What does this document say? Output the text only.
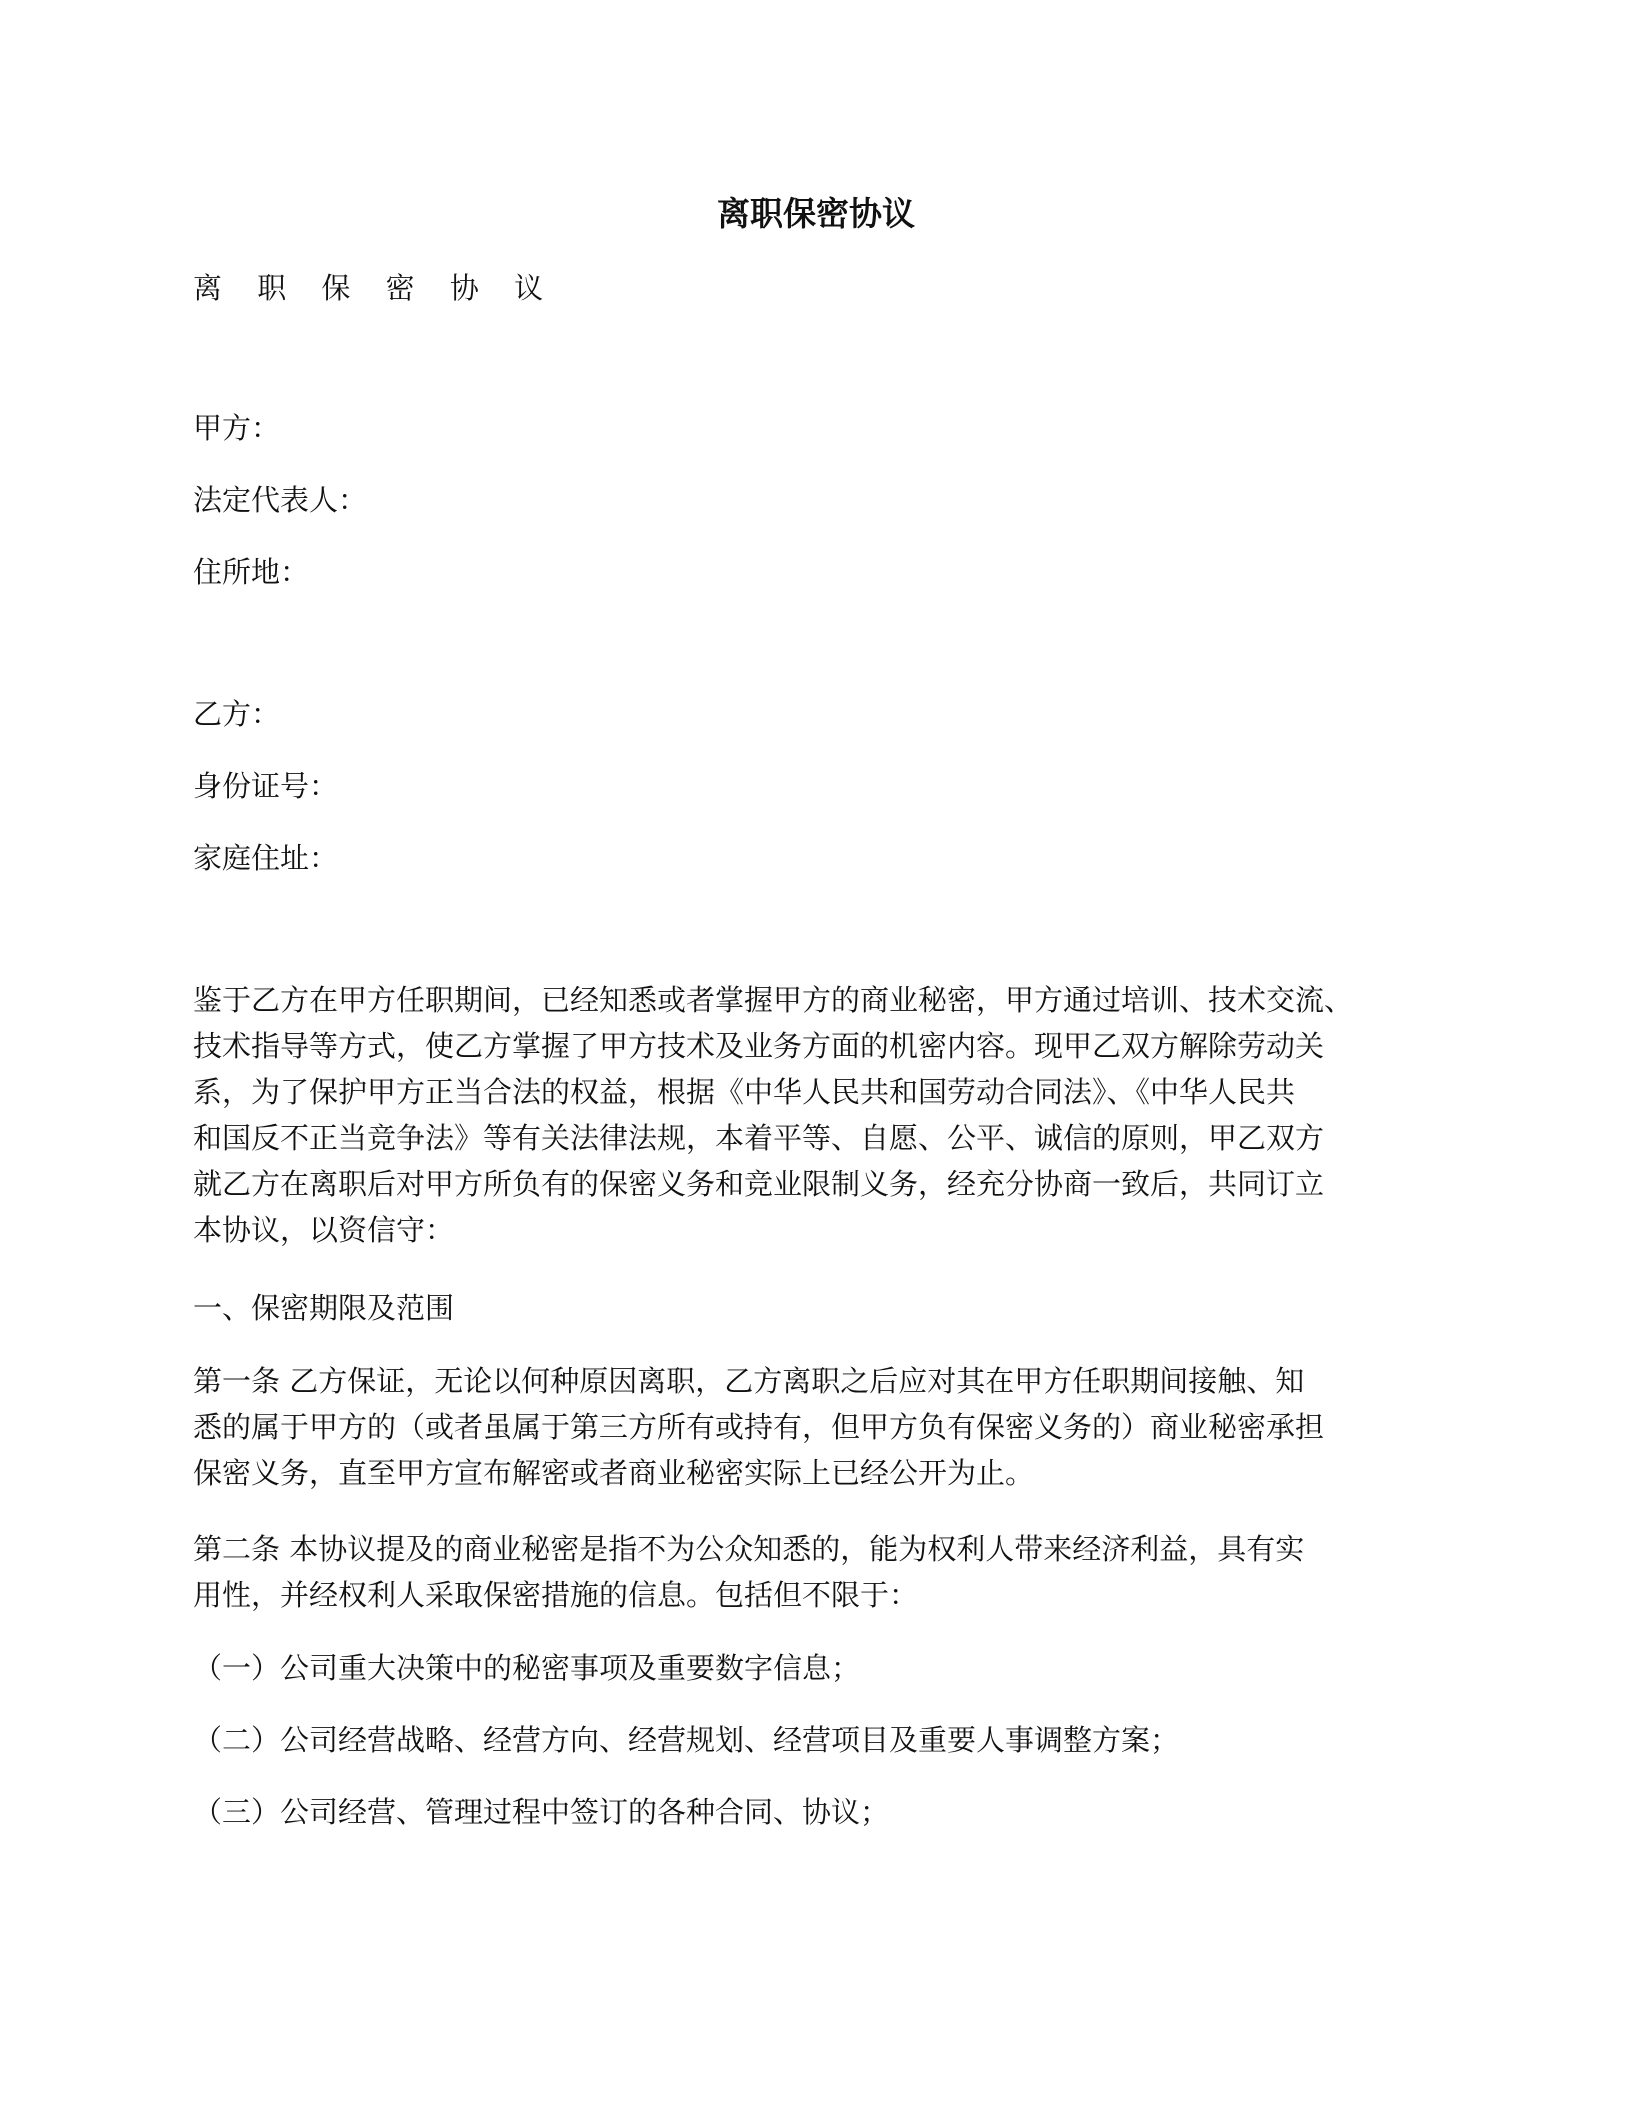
离职保密协议
离 职 保 密 协 议
甲方：
法定代表人：
住所地：
乙方：
身份证号：
家庭住址：
鉴于乙方在甲方任职期间，已经知悉或者掌握甲方的商业秘密，甲方通过培训、技术交流、
技术指导等方式，使乙方掌握了甲方技术及业务方面的机密内容。现甲乙双方解除劳动关
系，为了保护甲方正当合法的权益，根据《中华人民共和国劳动合同法》、《中华人民共
和国反不正当竞争法》等有关法律法规，本着平等、自愿、公平、诚信的原则，甲乙双方
就乙方在离职后对甲方所负有的保密义务和竞业限制义务，经充分协商一致后，共同订立
本协议，以资信守：
一、保密期限及范围
第一条 乙方保证，无论以何种原因离职，乙方离职之后应对其在甲方任职期间接触、知
悉的属于甲方的（或者虽属于第三方所有或持有，但甲方负有保密义务的）商业秘密承担
保密义务，直至甲方宣布解密或者商业秘密实际上已经公开为止。
第二条 本协议提及的商业秘密是指不为公众知悉的，能为权利人带来经济利益，具有实
用性，并经权利人采取保密措施的信息。包括但不限于：
（一）公司重大决策中的秘密事项及重要数字信息；
（二）公司经营战略、经营方向、经营规划、经营项目及重要人事调整方案；
（三）公司经营、管理过程中签订的各种合同、协议；
